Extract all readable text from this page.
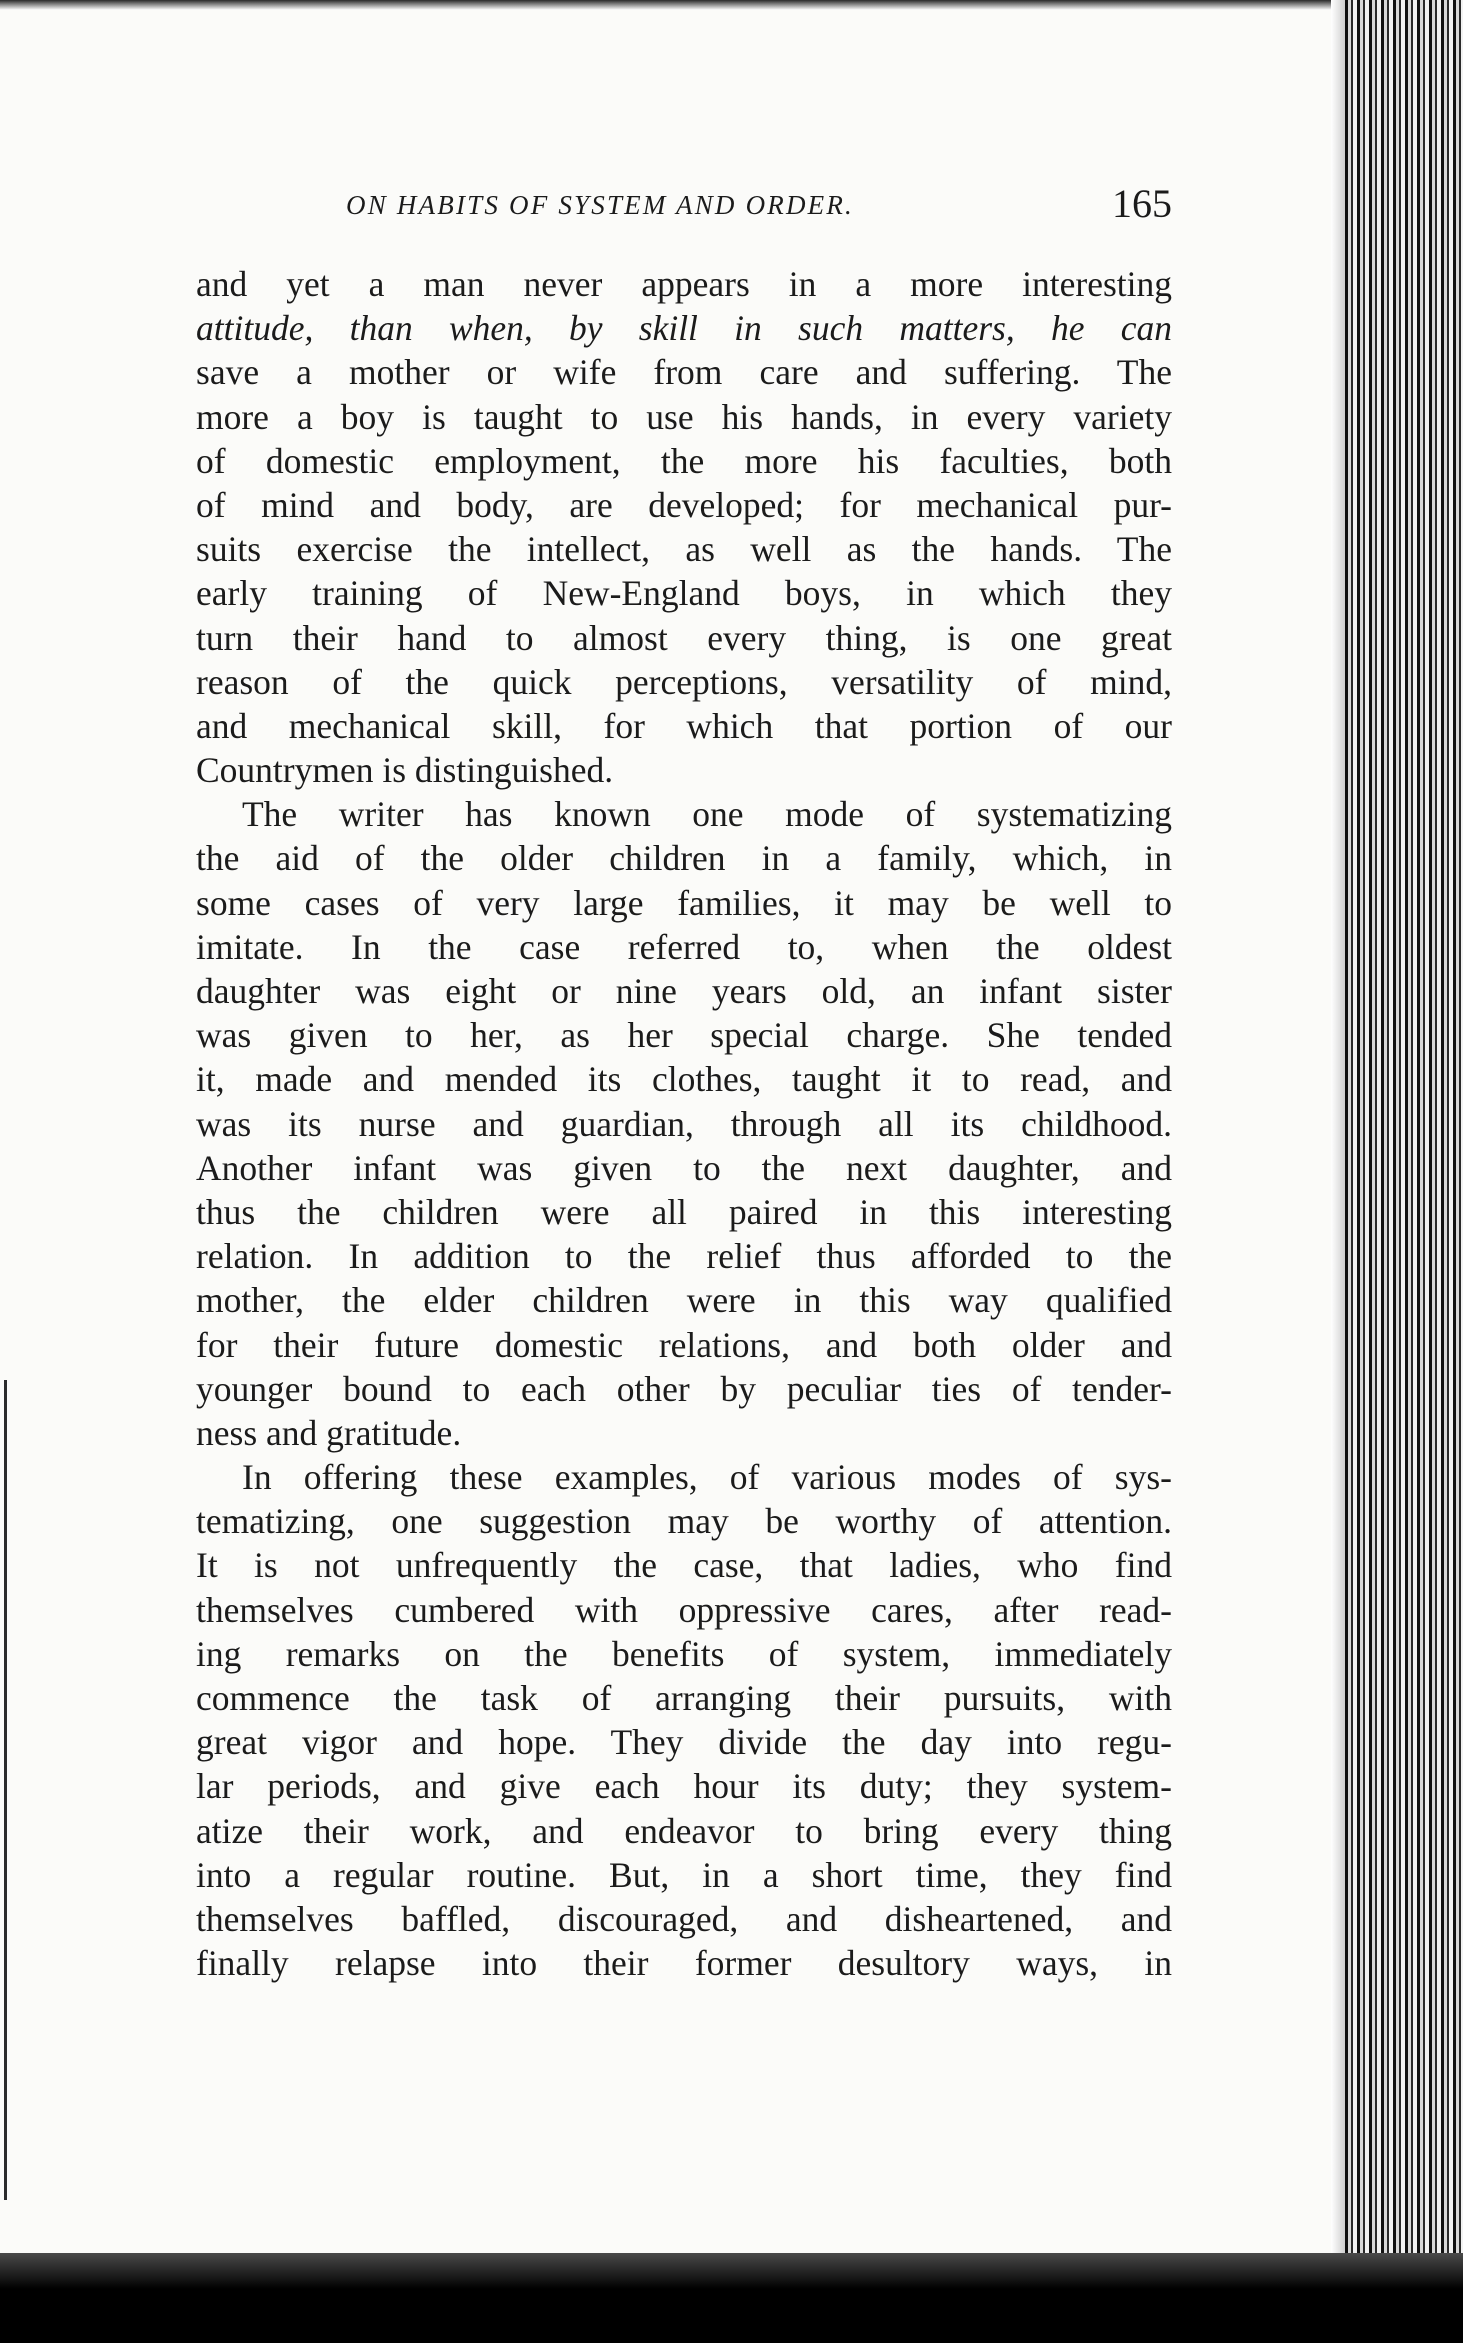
ON HABITS OF SYSTEM AND ORDER.	165
and yet a man never appears in a more interesting
attitude, than when, by skill in such matters, he can
save a mother or wife from care and suffering. The
more a boy is taught to use his hands, in every variety
of domestic employment, the more his faculties, both
of mind and body, are developed; for mechanical pur-
suits exercise the intellect, as well as the hands. The
early training of New-England boys, in which they
turn their hand to almost every thing, is one great
reason of the quick perceptions, versatility of mind,
and mechanical skill, for which that portion of our
Countrymen is distinguished.
The writer has known one mode of systematizing
the aid of the older children in a family, which, in
some cases of very large families, it may be well to
imitate. In the case referred to, when the oldest
daughter was eight or nine years old, an infant sister
was given to her, as her special charge. She tended
it, made and mended its clothes, taught it to read, and
was its nurse and guardian, through all its childhood.
Another infant was given to the next daughter, and
thus the children were all paired in this interesting
relation. In addition to the relief thus afforded to the
mother, the elder children were in this way qualified
for their future domestic relations, and both older and
younger bound to each other by peculiar ties of tender-
ness and gratitude.
In offering these examples, of various modes of sys-
tematizing, one suggestion may be worthy of attention.
It is not unfrequently the case, that ladies, who find
themselves cumbered with oppressive cares, after read-
ing remarks on the benefits of system, immediately
commence the task of arranging their pursuits, with
great vigor and hope. They divide the day into regu-
lar periods, and give each hour its duty; they system-
atize their work, and endeavor to bring every thing
into a regular routine. But, in a short time, they find
themselves baffled, discouraged, and disheartened, and
finally relapse into their former desultory ways, in
